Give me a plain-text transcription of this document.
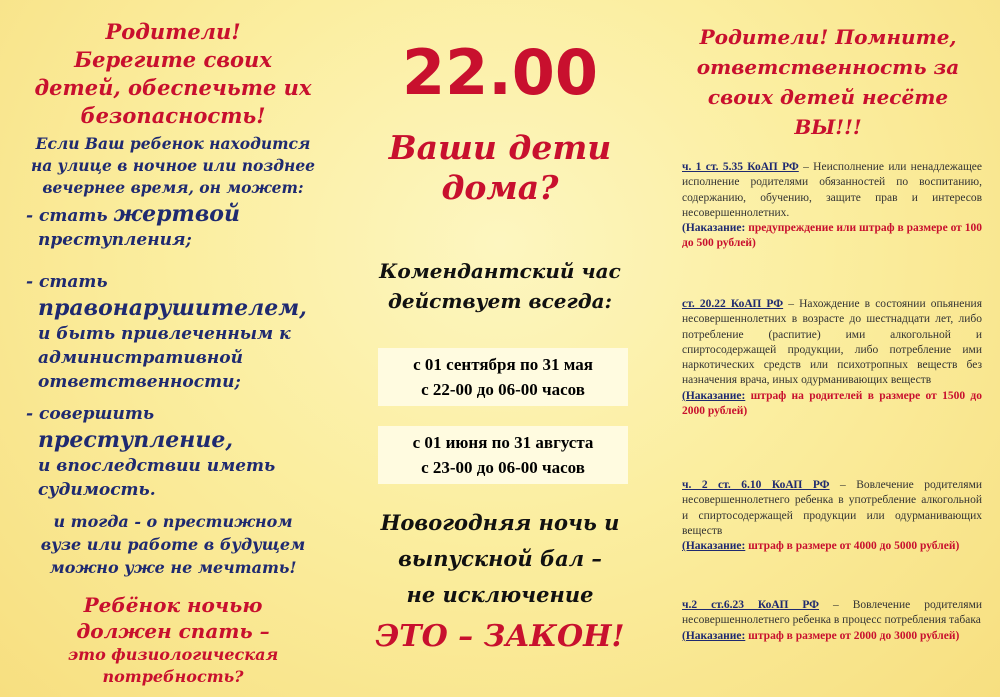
Родители!
Берегите своих
детей, обеспечьте их
безопасность!
Если Ваш ребенок находится
на улице в ночное или позднее
вечернее время, он может:
- стать жертвой
преступления;
- стать
правонарушителем,
и быть привлеченным к
административной
ответственности;
- совершить
преступление,
и впоследствии иметь
судимость.
и тогда - о престижном
вузе или работе в будущем
можно уже не мечтать!
Ребёнок ночью
должен спать –
это физиологическая
потребность?
22.00
Ваши дети
дома?
Комендантский час
действует всегда:
с 01 сентября по 31 мая
с 22-00 до 06-00 часов
с 01 июня по 31 августа
с 23-00 до 06-00 часов
Новогодняя ночь и
выпускной бал –
не исключение
ЭТО – ЗАКОН!
Родители! Помните,
ответственность за
своих детей несёте
ВЫ!!!
ч. 1 ст. 5.35 КоАП РФ – Неисполнение или ненадлежащее исполнение родителями обязанностей по воспитанию, содержанию, обучению, защите прав и интересов несовершеннолетних.
(Наказание: предупреждение или штраф в размере от 100 до 500 рублей)
ст. 20.22 КоАП РФ – Нахождение в состоянии опьянения несовершеннолетних в возрасте до шестнадцати лет, либо потребление (распитие) ими алкогольной и спиртосодержащей продукции, либо потребление ими наркотических средств или психотропных веществ без назначения врача, иных одурманивающих веществ
(Наказание: штраф на родителей в размере от 1500 до 2000 рублей)
ч. 2 ст. 6.10 КоАП РФ – Вовлечение родителями несовершеннолетнего ребенка в употребление алкогольной и спиртосодержащей продукции или одурманивающих веществ
(Наказание: штраф в размере от 4000 до 5000 рублей)
ч.2 ст.6.23 КоАП РФ – Вовлечение родителями несовершеннолетнего ребенка в процесс потребления табака
(Наказание: штраф в размере от 2000 до 3000 рублей)
